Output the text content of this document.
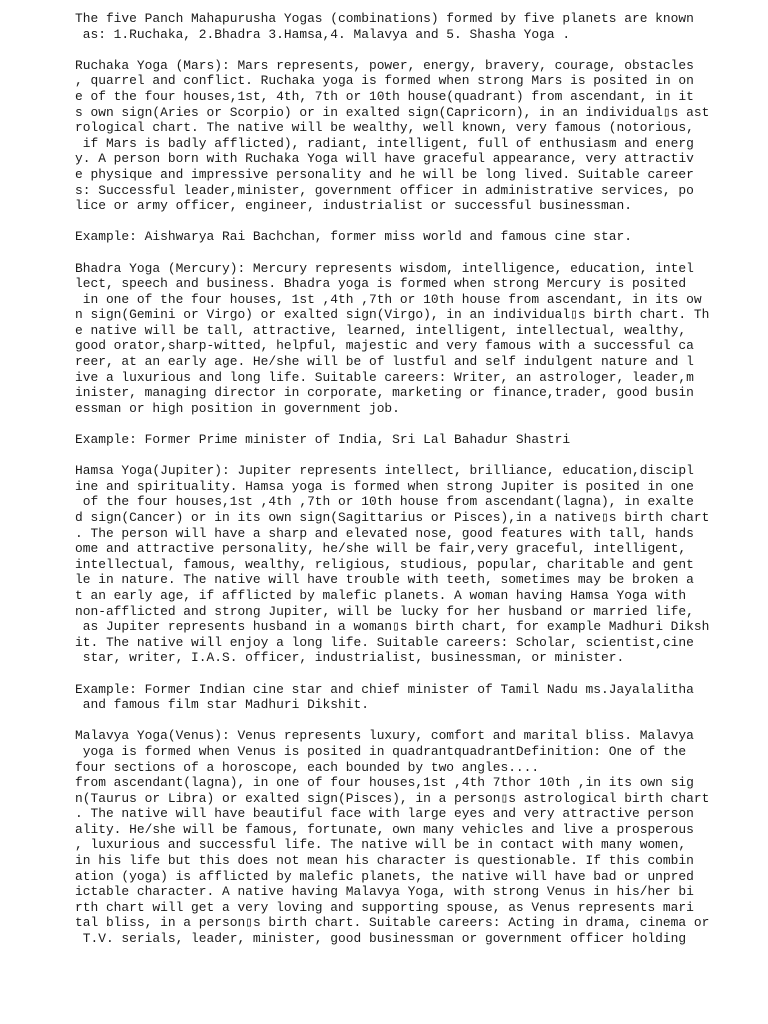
The five Panch Mahapurusha Yogas (combinations) formed by five planets are known
as: 1.Ruchaka, 2.Bhadra 3.Hamsa,4. Malavya and 5. Shasha Yoga .

Ruchaka Yoga (Mars): Mars represents, power, energy, bravery, courage, obstacles
, quarrel and conflict. Ruchaka yoga is formed when strong Mars is posited in on
e of the four houses,1st, 4th, 7th or 10th house(quadrant) from ascendant, in it
s own sign(Aries or Scorpio) or in exalted sign(Capricorn), in an individual▯s ast
rological chart. The native will be wealthy, well known, very famous (notorious,
if Mars is badly afflicted), radiant, intelligent, full of enthusiasm and energ
y. A person born with Ruchaka Yoga will have graceful appearance, very attractiv
e physique and impressive personality and he will be long lived. Suitable career
s: Successful leader,minister, government officer in administrative services, po
lice or army officer, engineer, industrialist or successful businessman.

Example: Aishwarya Rai Bachchan, former miss world and famous cine star.

Bhadra Yoga (Mercury): Mercury represents wisdom, intelligence, education, intel
lect, speech and business. Bhadra yoga is formed when strong Mercury is posited
in one of the four houses, 1st ,4th ,7th or 10th house from ascendant, in its ow
n sign(Gemini or Virgo) or exalted sign(Virgo), in an individual▯s birth chart. Th
e native will be tall, attractive, learned, intelligent, intellectual, wealthy,
good orator,sharp-witted, helpful, majestic and very famous with a successful ca
reer, at an early age. He/she will be of lustful and self indulgent nature and l
ive a luxurious and long life. Suitable careers: Writer, an astrologer, leader,m
inister, managing director in corporate, marketing or finance,trader, good busin
essman or high position in government job.

Example: Former Prime minister of India, Sri Lal Bahadur Shastri

Hamsa Yoga(Jupiter): Jupiter represents intellect, brilliance, education,discipl
ine and spirituality. Hamsa yoga is formed when strong Jupiter is posited in one
of the four houses,1st ,4th ,7th or 10th house from ascendant(lagna), in exalte
d sign(Cancer) or in its own sign(Sagittarius or Pisces),in a native▯s birth chart
. The person will have a sharp and elevated nose, good features with tall, hands
ome and attractive personality, he/she will be fair,very graceful, intelligent,
intellectual, famous, wealthy, religious, studious, popular, charitable and gent
le in nature. The native will have trouble with teeth, sometimes may be broken a
t an early age, if afflicted by malefic planets. A woman having Hamsa Yoga with
non-afflicted and strong Jupiter, will be lucky for her husband or married life,
as Jupiter represents husband in a woman▯s birth chart, for example Madhuri Diksh
it. The native will enjoy a long life. Suitable careers: Scholar, scientist,cine
star, writer, I.A.S. officer, industrialist, businessman, or minister.

Example: Former Indian cine star and chief minister of Tamil Nadu ms.Jayalalitha
and famous film star Madhuri Dikshit.

Malavya Yoga(Venus): Venus represents luxury, comfort and marital bliss. Malavya
yoga is formed when Venus is posited in quadrantquadrantDefinition: One of the
four sections of a horoscope, each bounded by two angles....
from ascendant(lagna), in one of four houses,1st ,4th 7thor 10th ,in its own sig
n(Taurus or Libra) or exalted sign(Pisces), in a person▯s astrological birth chart
. The native will have beautiful face with large eyes and very attractive person
ality. He/she will be famous, fortunate, own many vehicles and live a prosperous
, luxurious and successful life. The native will be in contact with many women,
in his life but this does not mean his character is questionable. If this combin
ation (yoga) is afflicted by malefic planets, the native will have bad or unpred
ictable character. A native having Malavya Yoga, with strong Venus in his/her bi
rth chart will get a very loving and supporting spouse, as Venus represents mari
tal bliss, in a person▯s birth chart. Suitable careers: Acting in drama, cinema or
T.V. serials, leader, minister, good businessman or government officer holding
